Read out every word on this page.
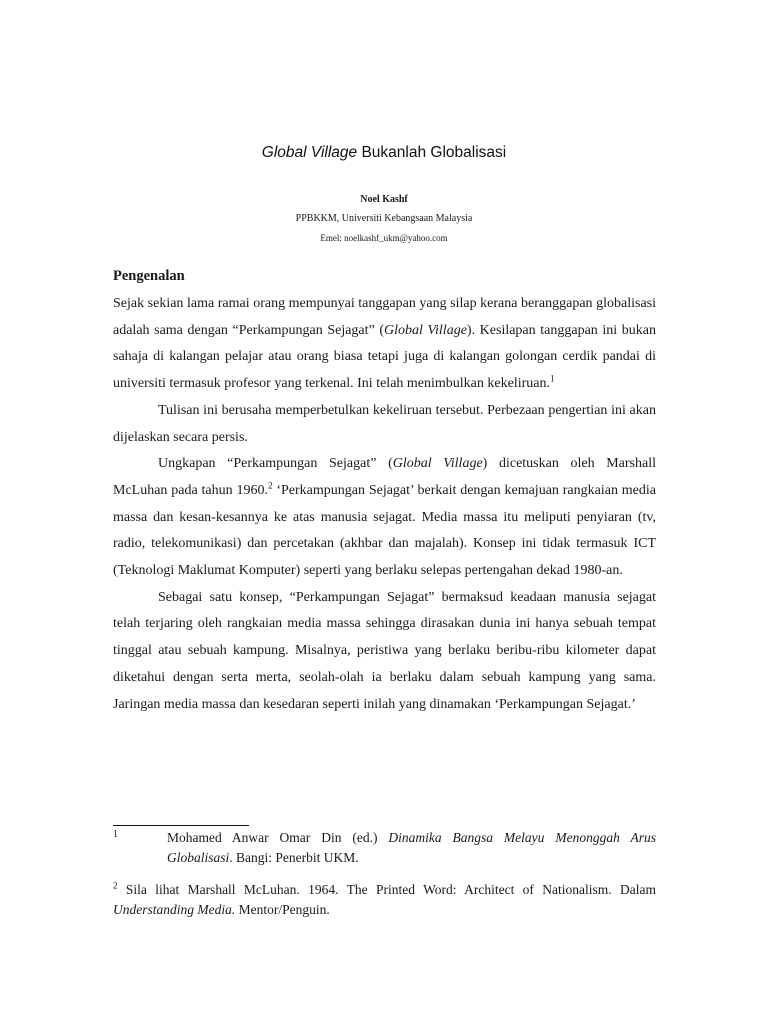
Global Village Bukanlah Globalisasi
Noel Kashf
PPBKKM, Universiti Kebangsaan Malaysia
Emel: noelkashf_ukm@yahoo.com
Pengenalan

Sejak sekian lama ramai orang mempunyai tanggapan yang silap kerana beranggapan globalisasi adalah sama dengan “Perkampungan Sejagat” (Global Village). Kesilapan tanggapan ini bukan sahaja di kalangan pelajar atau orang biasa tetapi juga di kalangan golongan cerdik pandai di universiti termasuk profesor yang terkenal. Ini telah menimbulkan kekeliruan.$^1$

Tulisan ini berusaha memperbetulkan kekeliruan tersebut. Perbezaan pengertian ini akan dijelaskan secara persis.

Ungkapan “Perkampungan Sejagat” (Global Village) dicetuskan oleh Marshall McLuhan pada tahun 1960.$^2$ ‘Perkampungan Sejagat’ berkait dengan kemajuan rangkaian media massa dan kesan-kesannya ke atas manusia sejagat. Media massa itu meliputi penyiaran (tv, radio, telekomunikasi) dan percetakan (akhbar dan majalah). Konsep ini tidak termasuk ICT (Teknologi Maklumat Komputer) seperti yang berlaku selepas pertengahan dekad 1980-an.

Sebagai satu konsep, “Perkampungan Sejagat” bermaksud keadaan manusia sejagat telah terjaring oleh rangkaian media massa sehingga dirasakan dunia ini hanya sebuah tempat tinggal atau sebuah kampung. Misalnya, peristiwa yang berlaku beribu-ribu kilometer dapat diketahui dengan serta merta, seolah-olah ia berlaku dalam sebuah kampung yang sama. Jaringan media massa dan kesedaran seperti inilah yang dinamakan ‘Perkampungan Sejagat.’

1	Mohamed Anwar Omar Din (ed.) Dinamika Bangsa Melayu Menonggah Arus Globalisasi. Bangi: Penerbit UKM.
$^2$ Sila lihat Marshall McLuhan. 1964. The Printed Word: Architect of Nationalism. Dalam Understanding Media. Mentor/Penguin.
